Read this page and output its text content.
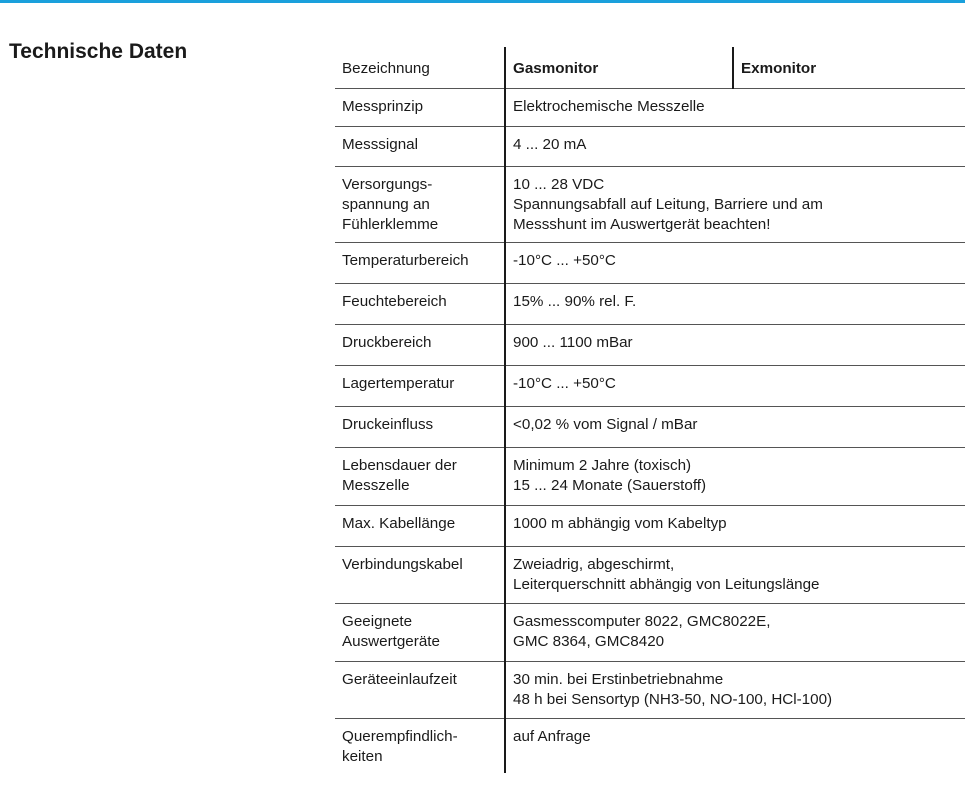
Technische Daten
Bezeichnung	Gasmonitor	Exmonitor

Messprinzip	Elektrochemische Messzelle	

Messsignal	4 ... 20 mA	

Versorgungs-
spannung an
Fühlerklemme	10 ... 28 VDC
Spannungsabfall auf Leitung, Barriere und am
Messshunt im Auswertgerät beachten!	

Temperaturbereich	-10°C ... +50°C	

Feuchtebereich	15% ... 90% rel. F.	

Druckbereich	900 ... 1100 mBar	

Lagertemperatur	-10°C ... +50°C	

Druckeinfluss	<0,02 % vom Signal / mBar	

Lebensdauer der
Messzelle	Minimum 2 Jahre (toxisch)
15 ... 24 Monate (Sauerstoff)	

Max. Kabellänge	1000 m abhängig vom Kabeltyp	

Verbindungskabel	Zweiadrig, abgeschirmt,
Leiterquerschnitt abhängig von Leitungslänge	

Geeignete
Auswertgeräte	Gasmesscomputer 8022, GMC8022E,
GMC 8364, GMC8420	

Geräteeinlaufzeit	30 min. bei Erstinbetriebnahme
48 h bei Sensortyp (NH3-50, NO-100, HCl-100)	

Querempfindlich-
keiten	auf Anfrage	
